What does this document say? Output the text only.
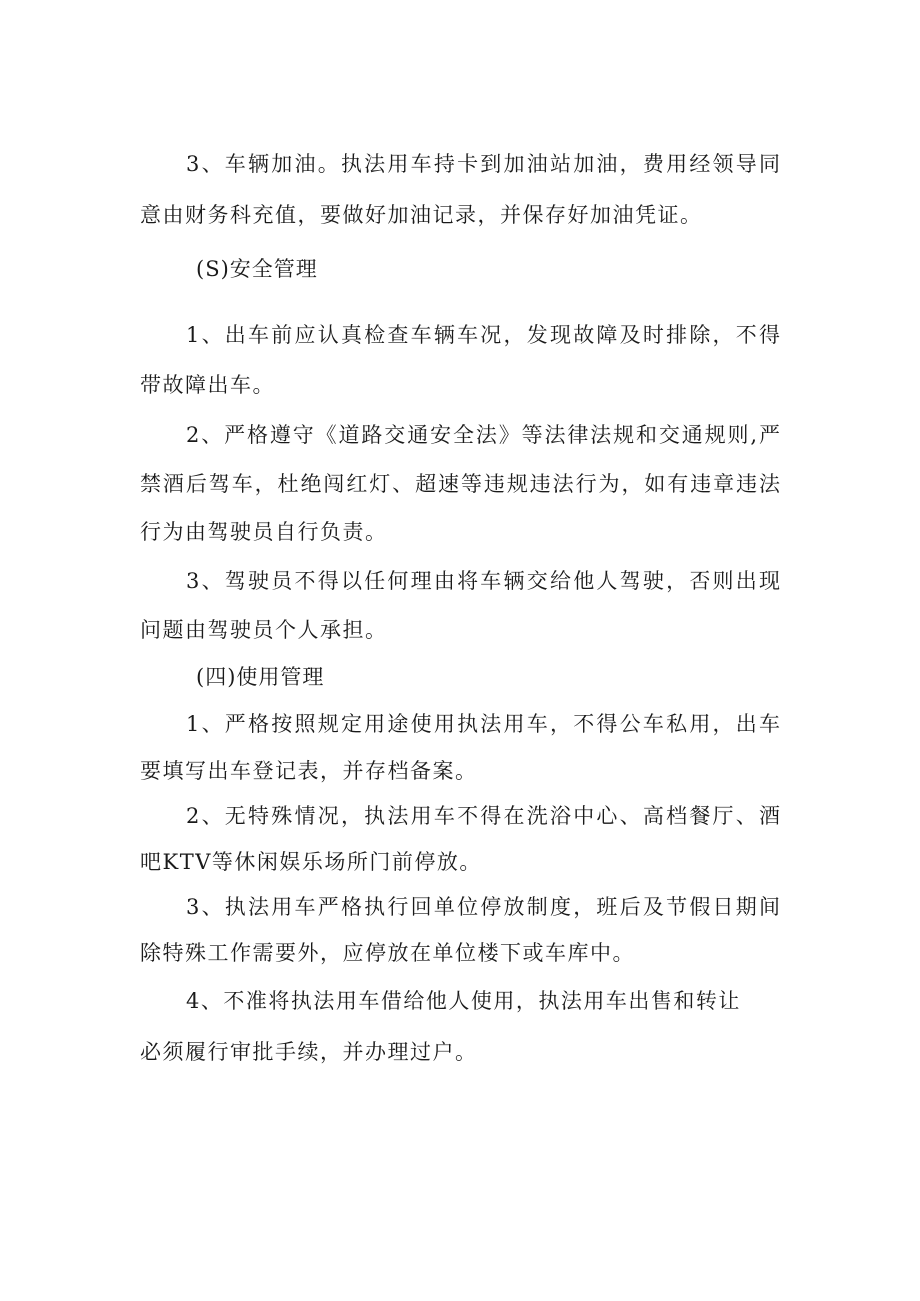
3、车辆加油。执法用车持卡到加油站加油，费用经领导同
意由财务科充值，要做好加油记录，并保存好加油凭证。
(S)安全管理
1、出车前应认真检查车辆车况，发现故障及时排除，不得
带故障出车。
2、严格遵守《道路交通安全法》等法律法规和交通规则,严
禁酒后驾车，杜绝闯红灯、超速等违规违法行为，如有违章违法
行为由驾驶员自行负责。
3、驾驶员不得以任何理由将车辆交给他人驾驶，否则出现
问题由驾驶员个人承担。
(四)使用管理
1、严格按照规定用途使用执法用车，不得公车私用，出车
要填写出车登记表，并存档备案。
2、无特殊情况，执法用车不得在洗浴中心、高档餐厅、酒
吧KTV等休闲娱乐场所门前停放。
3、执法用车严格执行回单位停放制度，班后及节假日期间
除特殊工作需要外，应停放在单位楼下或车库中。
4、不准将执法用车借给他人使用，执法用车出售和转让
必须履行审批手续，并办理过户。
